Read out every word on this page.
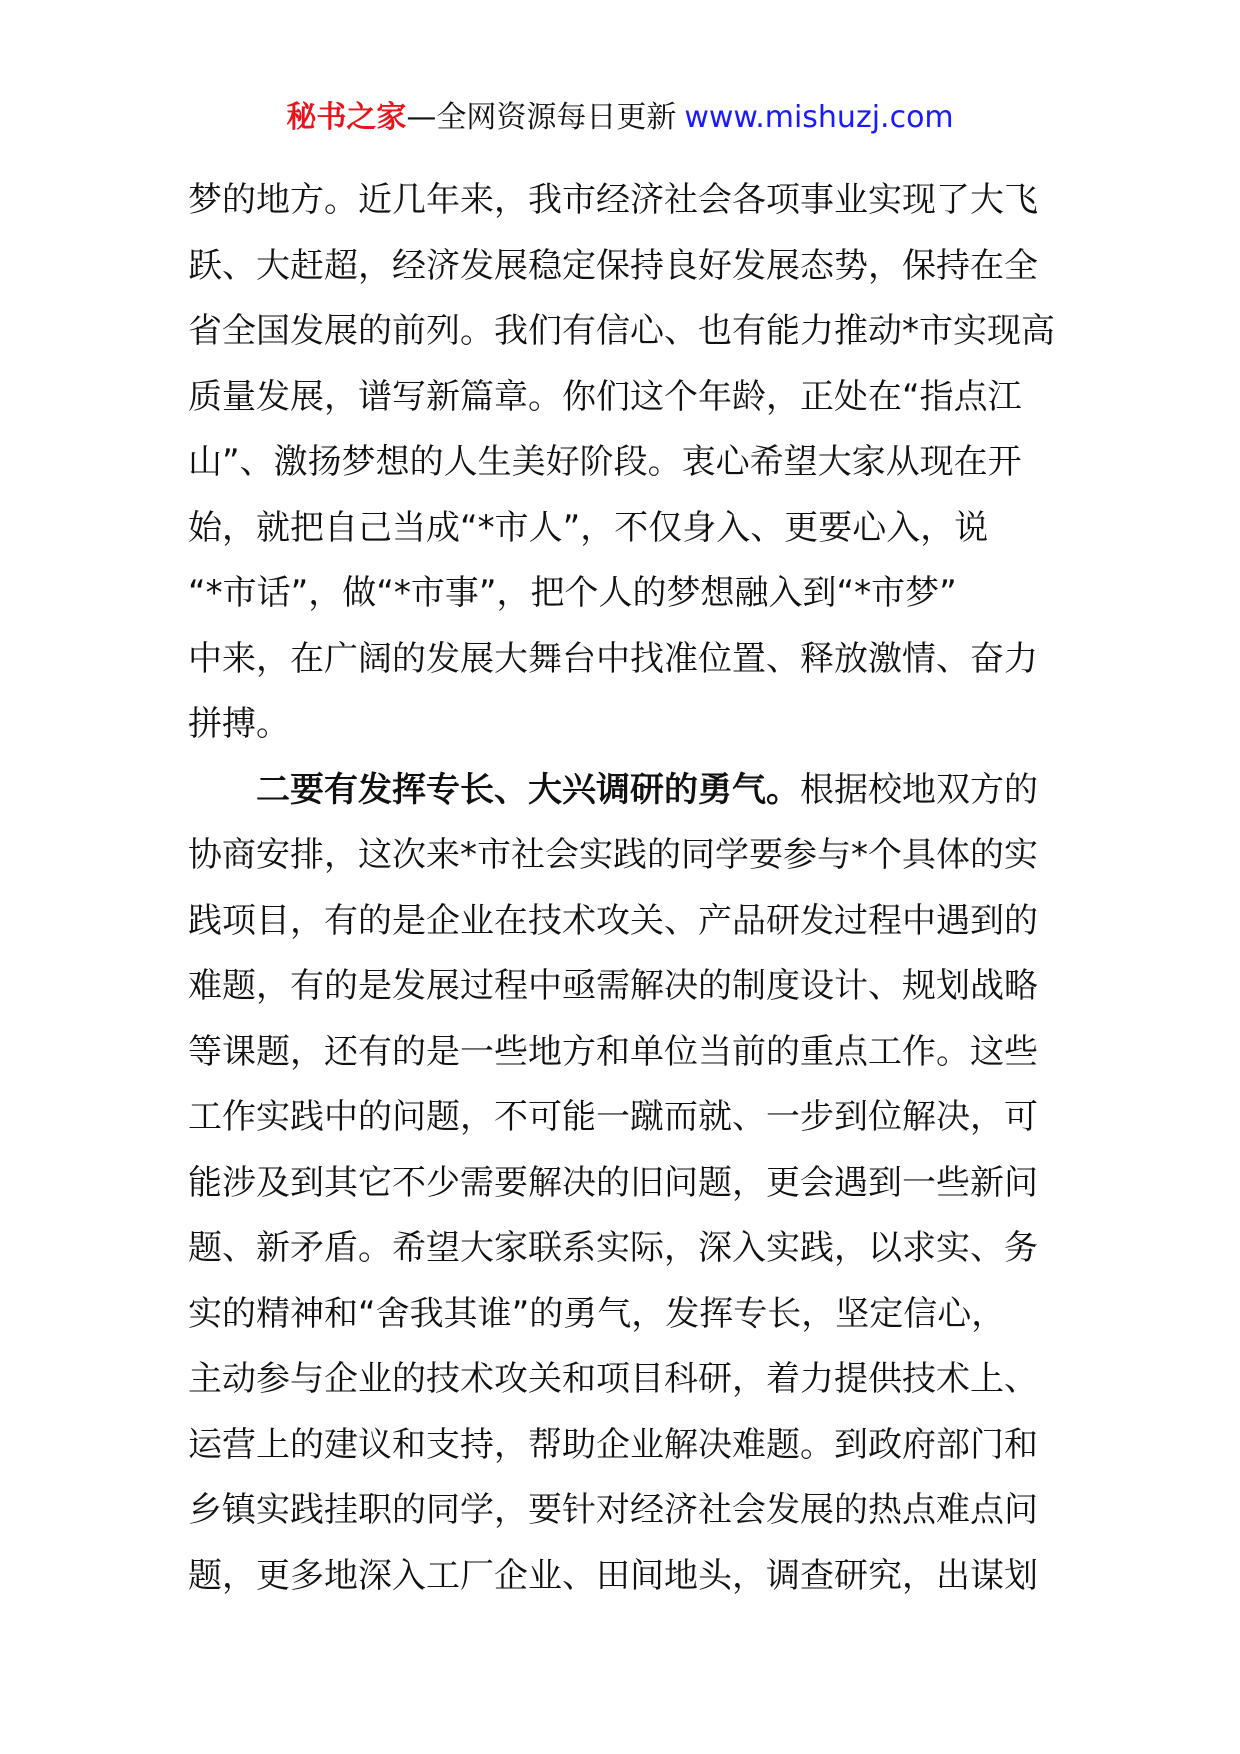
秘书之家—全网资源每日更新 www.mishuzj.com
梦的地方。近几年来，我市经济社会各项事业实现了大飞
跃、大赶超，经济发展稳定保持良好发展态势，保持在全
省全国发展的前列。我们有信心、也有能力推动*市实现高
质量发展，谱写新篇章。你们这个年龄，正处在“指点江
山”、激扬梦想的人生美好阶段。衷心希望大家从现在开
始，就把自己当成“*市人”，不仅身入、更要心入，说
“*市话”，做“*市事”，把个人的梦想融入到“*市梦”
中来，在广阔的发展大舞台中找准位置、释放激情、奋力
拼搏。
二要有发挥专长、大兴调研的勇气。根据校地双方的
协商安排，这次来*市社会实践的同学要参与*个具体的实
践项目，有的是企业在技术攻关、产品研发过程中遇到的
难题，有的是发展过程中亟需解决的制度设计、规划战略
等课题，还有的是一些地方和单位当前的重点工作。这些
工作实践中的问题，不可能一蹴而就、一步到位解决，可
能涉及到其它不少需要解决的旧问题，更会遇到一些新问
题、新矛盾。希望大家联系实际，深入实践，以求实、务
实的精神和“舍我其谁”的勇气，发挥专长，坚定信心，
主动参与企业的技术攻关和项目科研，着力提供技术上、
运营上的建议和支持，帮助企业解决难题。到政府部门和
乡镇实践挂职的同学，要针对经济社会发展的热点难点问
题，更多地深入工厂企业、田间地头，调查研究，出谋划
